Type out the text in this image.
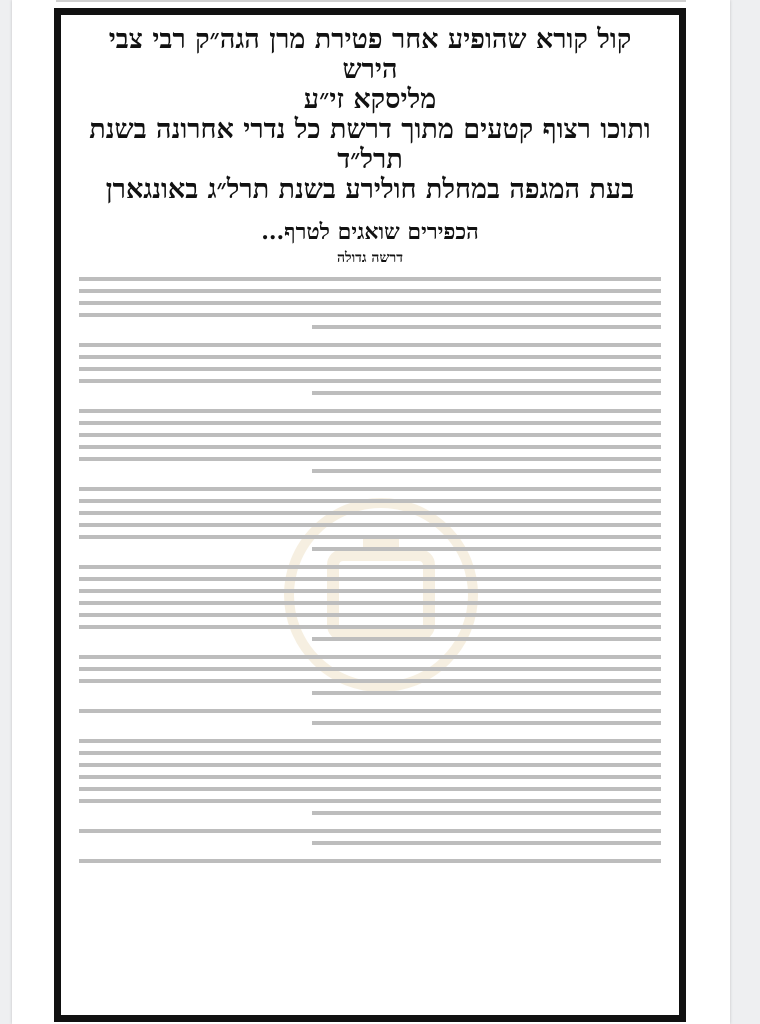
קול קורא שהופיע אחר פטירת מרן הגה״ק רבי צבי הירש

מליסקא זי״ע

ותוכו רצוף קטעים מתוך דרשת כל נדרי אחרונה בשנת

תרל״ד

בעת המגפה במחלת חולירע בשנת תרל״ג באונגארן

הכפירים שואגים לטרף...

דרשה גדולה
